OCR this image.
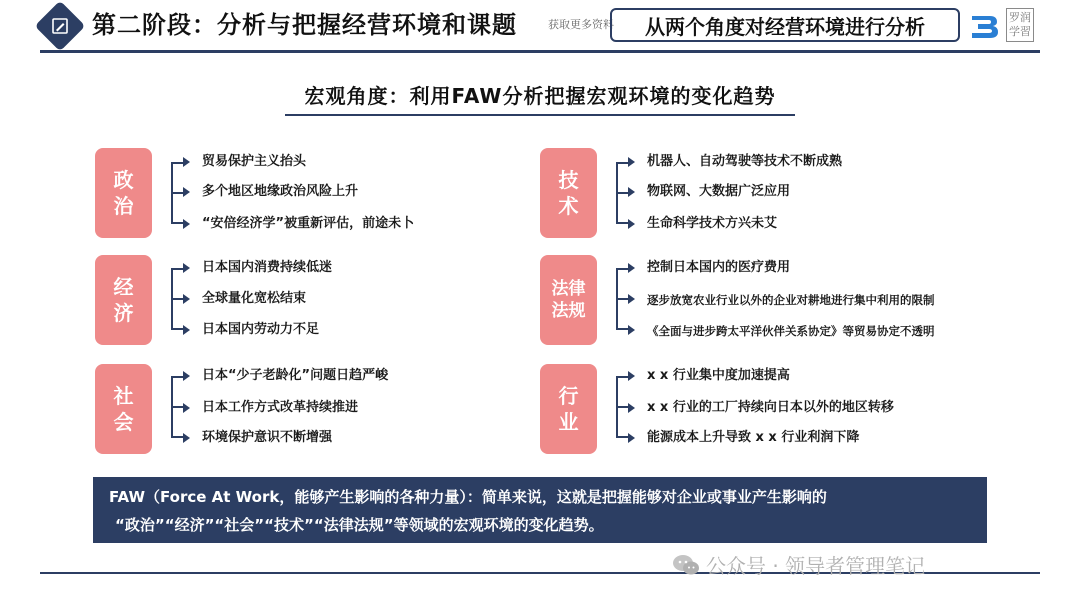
第二阶段：分析与把握经营环境和课题	获取更多资料	从两个角度对经营环境进行分析	罗润
学習
宏观角度：利用FAW分析把握宏观环境的变化趋势
政
治
贸易保护主义抬头
多个地区地缘政治风险上升
“安倍经济学”被重新评估，前途未卜
经
济
日本国内消费持续低迷
全球量化宽松结束
日本国内劳动力不足
社
会
日本“少子老龄化”问题日趋严峻
日本工作方式改革持续推进
环境保护意识不断增强
技
术
机器人、自动驾驶等技术不断成熟
物联网、大数据广泛应用
生命科学技术方兴未艾
法律
法规
控制日本国内的医疗费用
逐步放宽农业行业以外的企业对耕地进行集中利用的限制
《全面与进步跨太平洋伙伴关系协定》等贸易协定不透明
行
业
x x 行业集中度加速提高
x x 行业的工厂持续向日本以外的地区转移
能源成本上升导致 x x 行业利润下降
FAW（Force At Work，能够产生影响的各种力量）：简单来说，这就是把握能够对企业或事业产生影响的
“政治”“经济”“社会”“技术”“法律法规”等领域的宏观环境的变化趋势。
公众号 · 领导者管理笔记
